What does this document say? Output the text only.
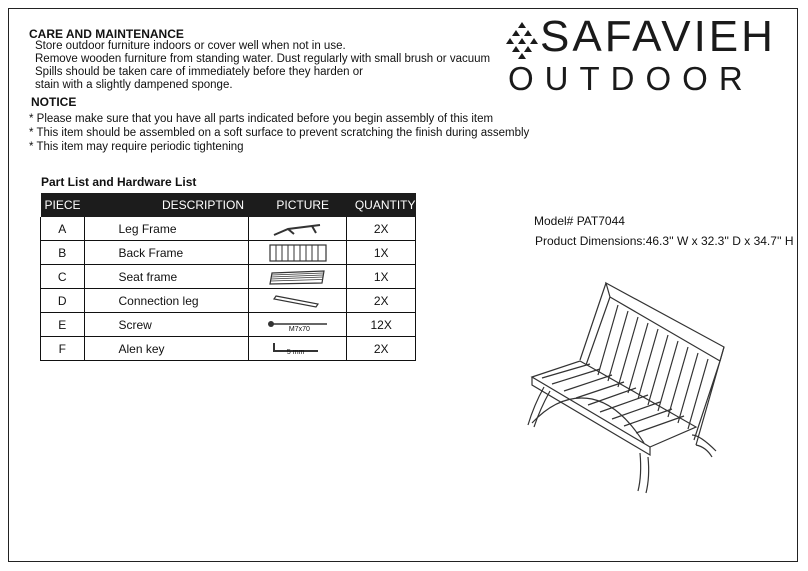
CARE AND MAINTENANCE
Store outdoor furniture indoors or cover well when not in use.
Remove wooden furniture from standing water. Dust regularly with small brush or vacuum
Spills should be taken care of immediately before they harden or
stain with a slightly dampened sponge.
NOTICE
* Please make sure that you have all parts indicated before you begin assembly of this item
* This item should be assembled on a soft surface to prevent scratching the finish during assembly
* This item may require periodic tightening
SAFAVIEH
OUTDOOR
Part List and Hardware List
PIECE	DESCRIPTION	PICTURE	QUANTITY
A	Leg Frame		2X
B	Back Frame		1X
C	Seat frame		1X
D	Connection leg		2X
E	Screw	M7x70	12X
F	Alen key	5 mm	2X
Model# PAT7044
Product Dimensions:46.3'' W x 32.3'' D x 34.7'' H
